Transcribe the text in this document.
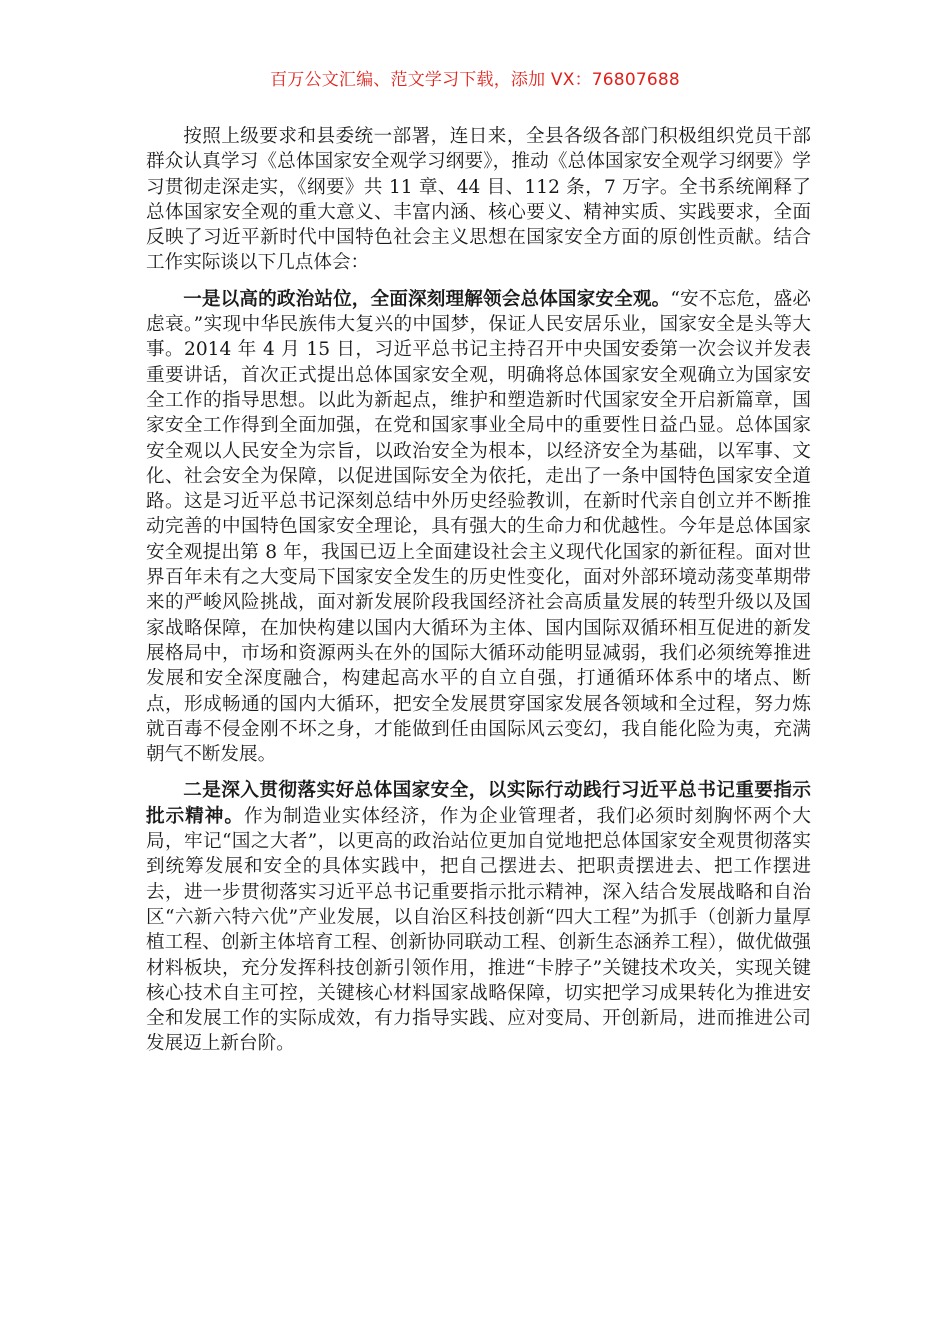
百万公文汇编、范文学习下载，添加 VX：76807688

按照上级要求和县委统一部署，连日来，全县各级各部门积极组织党员干部群众认真学习《总体国家安全观学习纲要》，推动《总体国家安全观学习纲要》学习贯彻走深走实，《纲要》共 11 章、44 目、112 条，7 万字。全书系统阐释了总体国家安全观的重大意义、丰富内涵、核心要义、精神实质、实践要求，全面反映了习近平新时代中国特色社会主义思想在国家安全方面的原创性贡献。结合工作实际谈以下几点体会：

一是以高的政治站位，全面深刻理解领会总体国家安全观。“安不忘危，盛必虑衰。”实现中华民族伟大复兴的中国梦，保证人民安居乐业，国家安全是头等大事。2014 年 4 月 15 日，习近平总书记主持召开中央国安委第一次会议并发表重要讲话，首次正式提出总体国家安全观，明确将总体国家安全观确立为国家安全工作的指导思想。以此为新起点，维护和塑造新时代国家安全开启新篇章，国家安全工作得到全面加强，在党和国家事业全局中的重要性日益凸显。总体国家安全观以人民安全为宗旨，以政治安全为根本，以经济安全为基础，以军事、文化、社会安全为保障，以促进国际安全为依托，走出了一条中国特色国家安全道路。这是习近平总书记深刻总结中外历史经验教训，在新时代亲自创立并不断推动完善的中国特色国家安全理论，具有强大的生命力和优越性。今年是总体国家安全观提出第 8 年，我国已迈上全面建设社会主义现代化国家的新征程。面对世界百年未有之大变局下国家安全发生的历史性变化，面对外部环境动荡变革期带来的严峻风险挑战，面对新发展阶段我国经济社会高质量发展的转型升级以及国家战略保障，在加快构建以国内大循环为主体、国内国际双循环相互促进的新发展格局中，市场和资源两头在外的国际大循环动能明显减弱，我们必须统筹推进发展和安全深度融合，构建起高水平的自立自强，打通循环体系中的堵点、断点，形成畅通的国内大循环，把安全发展贯穿国家发展各领域和全过程，努力炼就百毒不侵金刚不坏之身，才能做到任由国际风云变幻，我自能化险为夷，充满朝气不断发展。

二是深入贯彻落实好总体国家安全，以实际行动践行习近平总书记重要指示批示精神。作为制造业实体经济，作为企业管理者，我们必须时刻胸怀两个大局，牢记“国之大者”，以更高的政治站位更加自觉地把总体国家安全观贯彻落实到统筹发展和安全的具体实践中，把自己摆进去、把职责摆进去、把工作摆进去，进一步贯彻落实习近平总书记重要指示批示精神，深入结合发展战略和自治区“六新六特六优”产业发展，以自治区科技创新“四大工程”为抓手（创新力量厚植工程、创新主体培育工程、创新协同联动工程、创新生态涵养工程），做优做强材料板块，充分发挥科技创新引领作用，推进“卡脖子”关键技术攻关，实现关键核心技术自主可控，关键核心材料国家战略保障，切实把学习成果转化为推进安全和发展工作的实际成效，有力指导实践、应对变局、开创新局，进而推进公司发展迈上新台阶。
